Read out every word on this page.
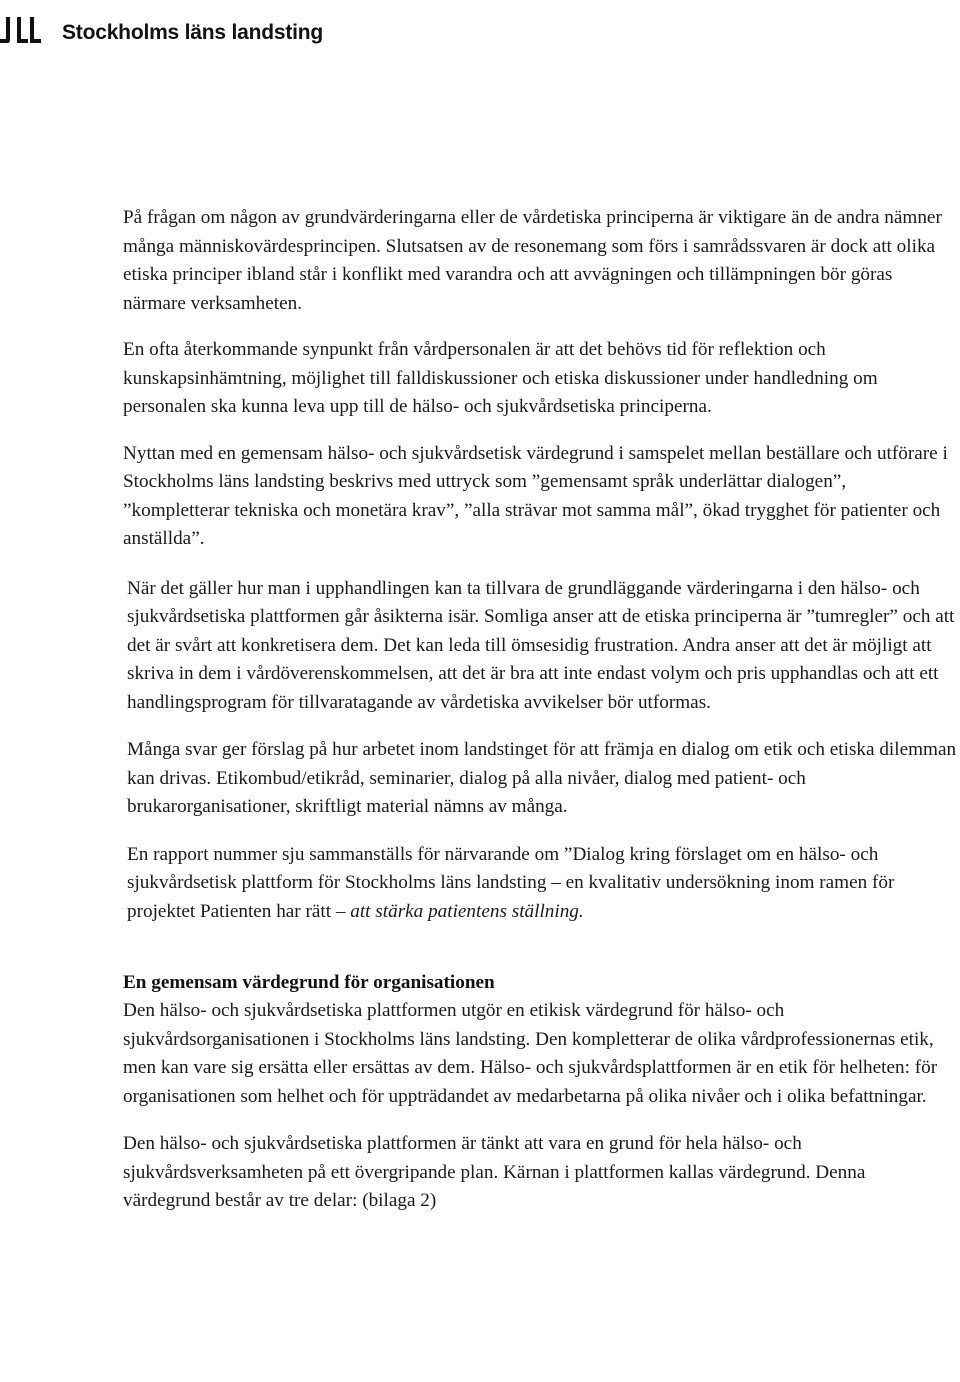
Stockholms läns landsting

På frågan om någon av grundvärderingarna eller de vårdetiska principerna är viktigare än de andra nämner många människovärdesprincipen. Slutsatsen av de resonemang som förs i samrådssvaren är dock att olika etiska principer ibland står i konflikt med varandra och att avvägningen och tillämpningen bör göras närmare verksamheten.

En ofta återkommande synpunkt från vårdpersonalen är att det behövs tid för reflektion och kunskapsinhämtning, möjlighet till falldiskussioner och etiska diskussioner under handledning om personalen ska kunna leva upp till de hälso- och sjukvårdsetiska principerna.

Nyttan med en gemensam hälso- och sjukvårdsetisk värdegrund i samspelet mellan beställare och utförare i Stockholms läns landsting beskrivs med uttryck som ”gemensamt språk underlättar dialogen”, ”kompletterar tekniska och monetära krav”, ”alla strävar mot samma mål”, ökad trygghet för patienter och anställda”.

När det gäller hur man i upphandlingen kan ta tillvara de grundläggande värderingarna i den hälso- och sjukvårdsetiska plattformen går åsikterna isär. Somliga anser att de etiska principerna är ”tumregler” och att det är svårt att konkretisera dem. Det kan leda till ömsesidig frustration. Andra anser att det är möjligt att skriva in dem i vårdöverenskommelsen, att det är bra att inte endast volym och pris upphandlas och att ett handlingsprogram för tillvaratagande av vårdetiska avvikelser bör utformas.

Många svar ger förslag på hur arbetet inom landstinget för att främja en dialog om etik och etiska dilemman kan drivas. Etikombud/etikråd, seminarier, dialog på alla nivåer, dialog med patient- och brukarorganisationer, skriftligt material nämns av många.

En rapport nummer sju sammanställs för närvarande om ”Dialog kring förslaget om en hälso- och sjukvårdsetisk plattform för Stockholms läns landsting – en kvalitativ undersökning inom ramen för projektet Patienten har rätt – att stärka patientens ställning.

En gemensam värdegrund för organisationen

Den hälso- och sjukvårdsetiska plattformen utgör en etikisk värdegrund för hälso- och sjukvårdsorganisationen i Stockholms läns landsting. Den kompletterar de olika vårdprofessionernas etik, men kan vare sig ersätta eller ersättas av dem. Hälso- och sjukvårdsplattformen är en etik för helheten: för organisationen som helhet och för uppträdandet av medarbetarna på olika nivåer och i olika befattningar.

Den hälso- och sjukvårdsetiska plattformen är tänkt att vara en grund för hela hälso- och sjukvårdsverksamheten på ett övergripande plan. Kärnan i plattformen kallas värdegrund. Denna värdegrund består av tre delar: (bilaga 2)
